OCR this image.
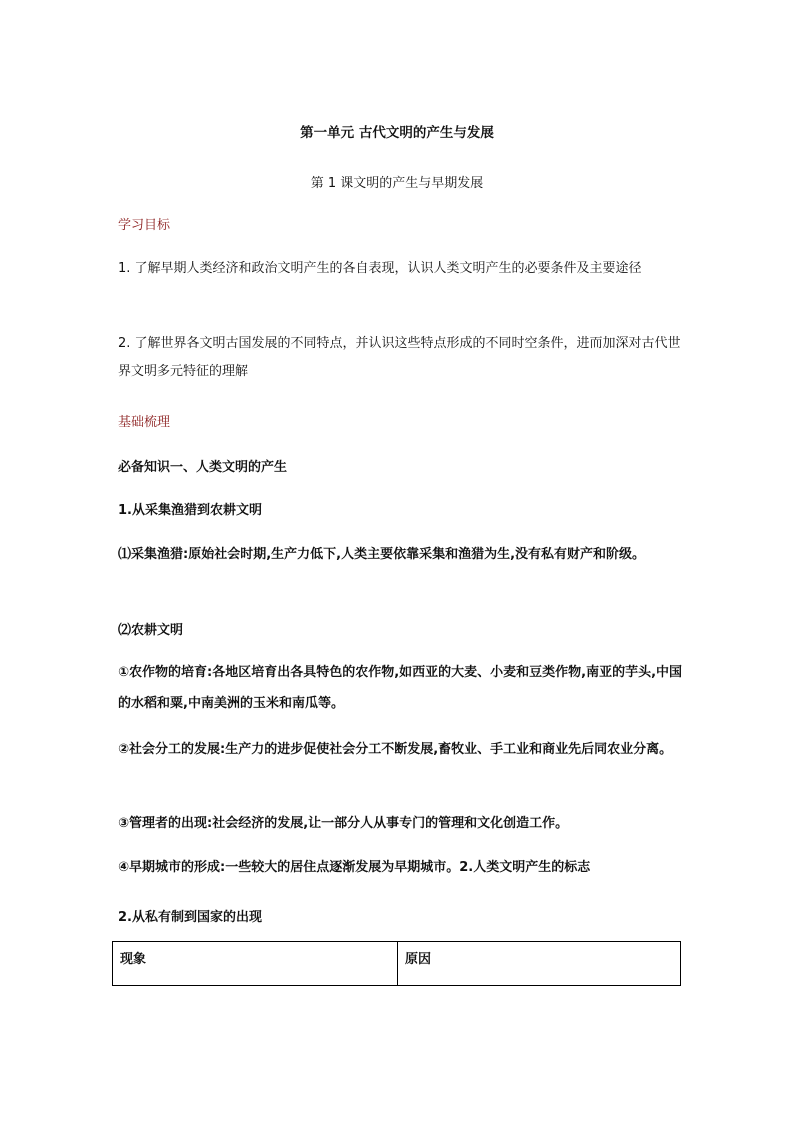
第一单元 古代文明的产生与发展
第 1 课文明的产生与早期发展
学习目标
1. 了解早期人类经济和政治文明产生的各自表现，认识人类文明产生的必要条件及主要途径
2. 了解世界各文明古国发展的不同特点，并认识这些特点形成的不同时空条件，进而加深对古代世界文明多元特征的理解
基础梳理
必备知识一、人类文明的产生
1.从采集渔猎到农耕文明
⑴采集渔猎:原始社会时期,生产力低下,人类主要依靠采集和渔猎为生,没有私有财产和阶级。
⑵农耕文明
①农作物的培育:各地区培育出各具特色的农作物,如西亚的大麦、小麦和豆类作物,南亚的芋头,中国的水稻和粟,中南美洲的玉米和南瓜等。
②社会分工的发展:生产力的进步促使社会分工不断发展,畜牧业、手工业和商业先后同农业分离。
③管理者的出现:社会经济的发展,让一部分人从事专门的管理和文化创造工作。
④早期城市的形成:一些较大的居住点逐渐发展为早期城市。2.人类文明产生的标志
2.从私有制到国家的出现
现象	原因
